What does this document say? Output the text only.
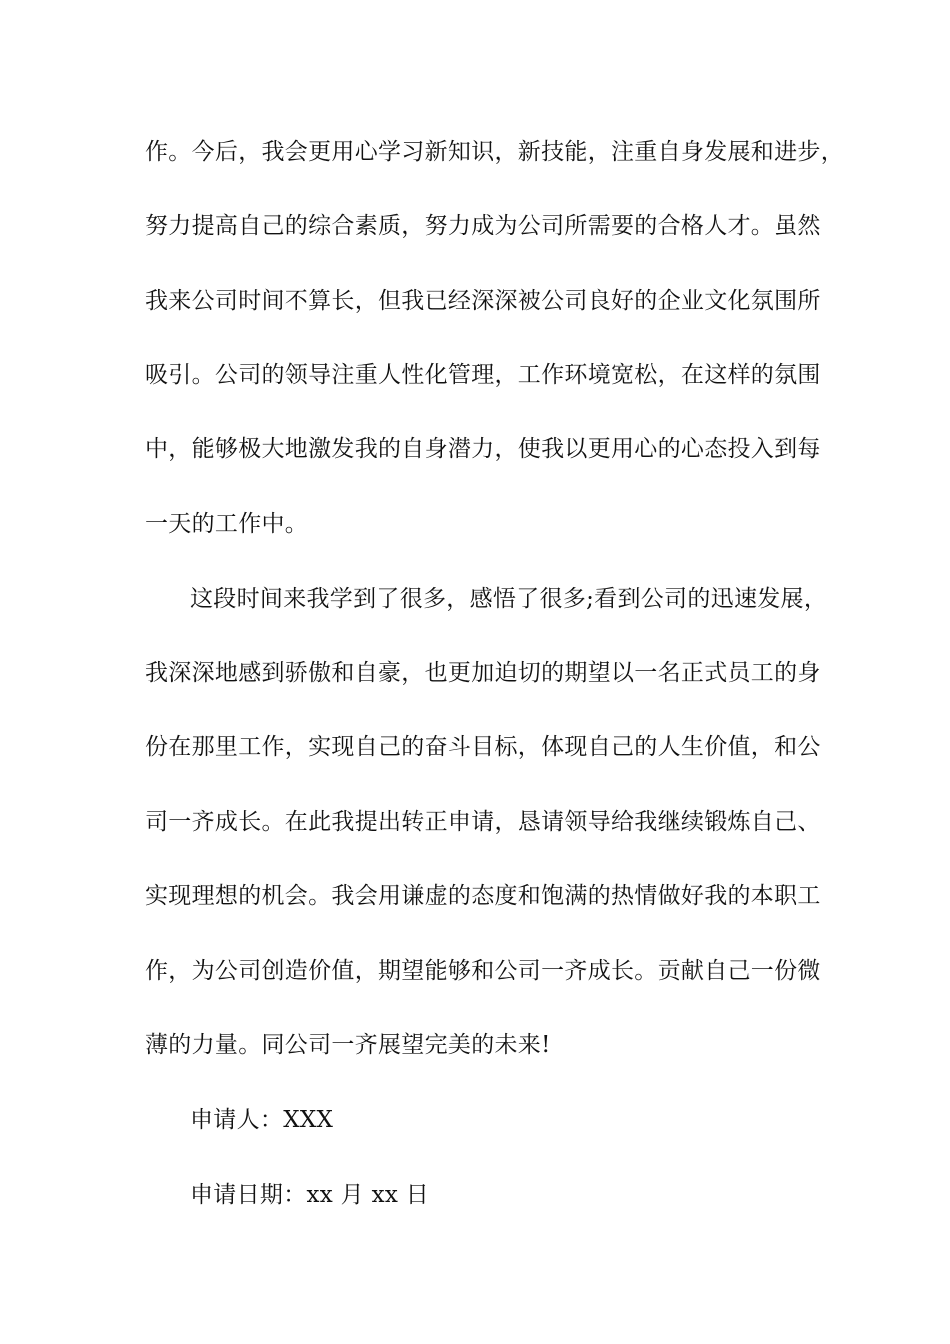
作。今后，我会更用心学习新知识，新技能，注重自身发展和进步，
努力提高自己的综合素质，努力成为公司所需要的合格人才。虽然
我来公司时间不算长，但我已经深深被公司良好的企业文化氛围所
吸引。公司的领导注重人性化管理，工作环境宽松，在这样的氛围
中，能够极大地激发我的自身潜力，使我以更用心的心态投入到每
一天的工作中。
这段时间来我学到了很多，感悟了很多;看到公司的迅速发展，
我深深地感到骄傲和自豪，也更加迫切的期望以一名正式员工的身
份在那里工作，实现自己的奋斗目标，体现自己的人生价值，和公
司一齐成长。在此我提出转正申请，恳请领导给我继续锻炼自己、
实现理想的机会。我会用谦虚的态度和饱满的热情做好我的本职工
作，为公司创造价值，期望能够和公司一齐成长。贡献自己一份微
薄的力量。同公司一齐展望完美的未来!
申请人：XXX
申请日期：xx 月 xx 日
